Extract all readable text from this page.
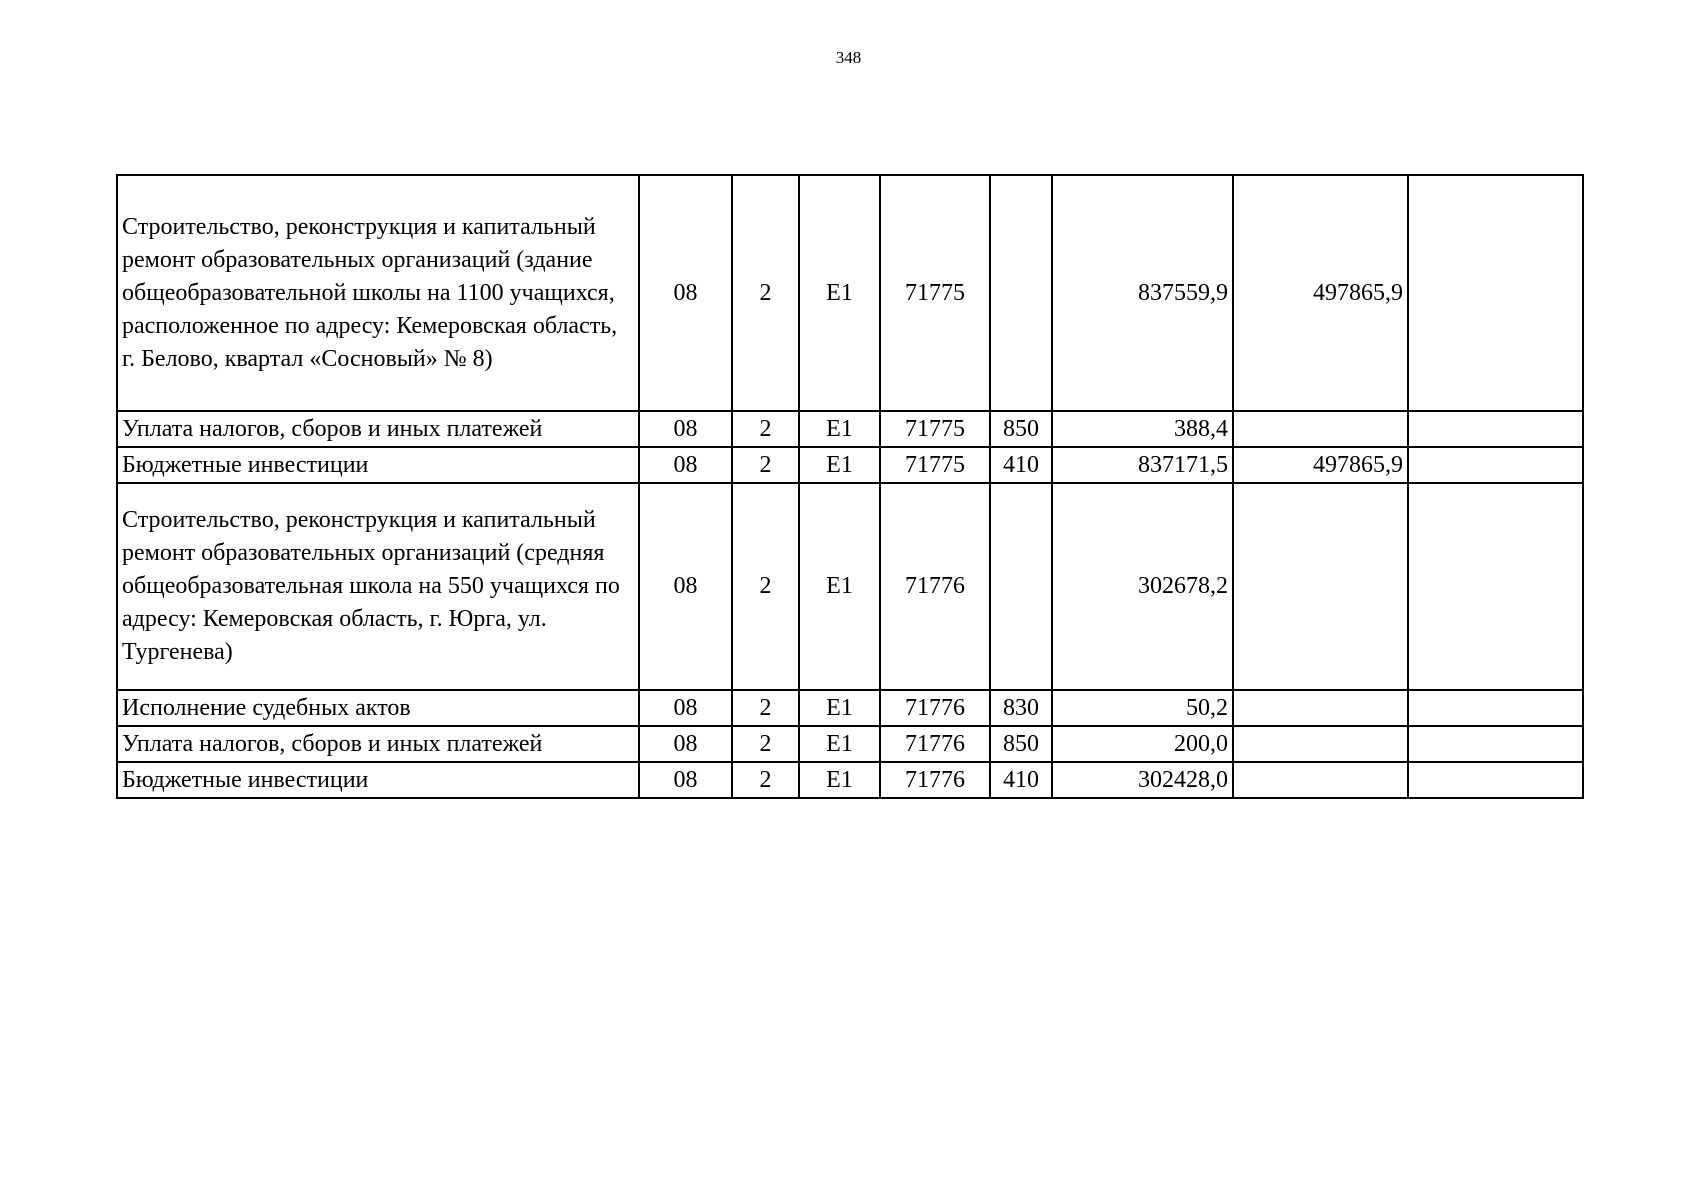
348
Строительство, реконструкция и капитальный ремонт образовательных организаций (здание общеобразовательной школы на 1100 учащихся, расположенное по адресу: Кемеровская область, г. Белово, квартал «Сосновый» № 8)	08	2	E1	71775		837559,9	497865,9	
Уплата налогов, сборов и иных платежей	08	2	E1	71775	850	388,4		
Бюджетные инвестиции	08	2	E1	71775	410	837171,5	497865,9	
Строительство, реконструкция и капитальный ремонт образовательных организаций (средняя общеобразовательная школа на 550 учащихся по адресу: Кемеровская область, г. Юрга, ул. Тургенева)	08	2	E1	71776		302678,2		
Исполнение судебных актов	08	2	E1	71776	830	50,2		
Уплата налогов, сборов и иных платежей	08	2	E1	71776	850	200,0		
Бюджетные инвестиции	08	2	E1	71776	410	302428,0		
